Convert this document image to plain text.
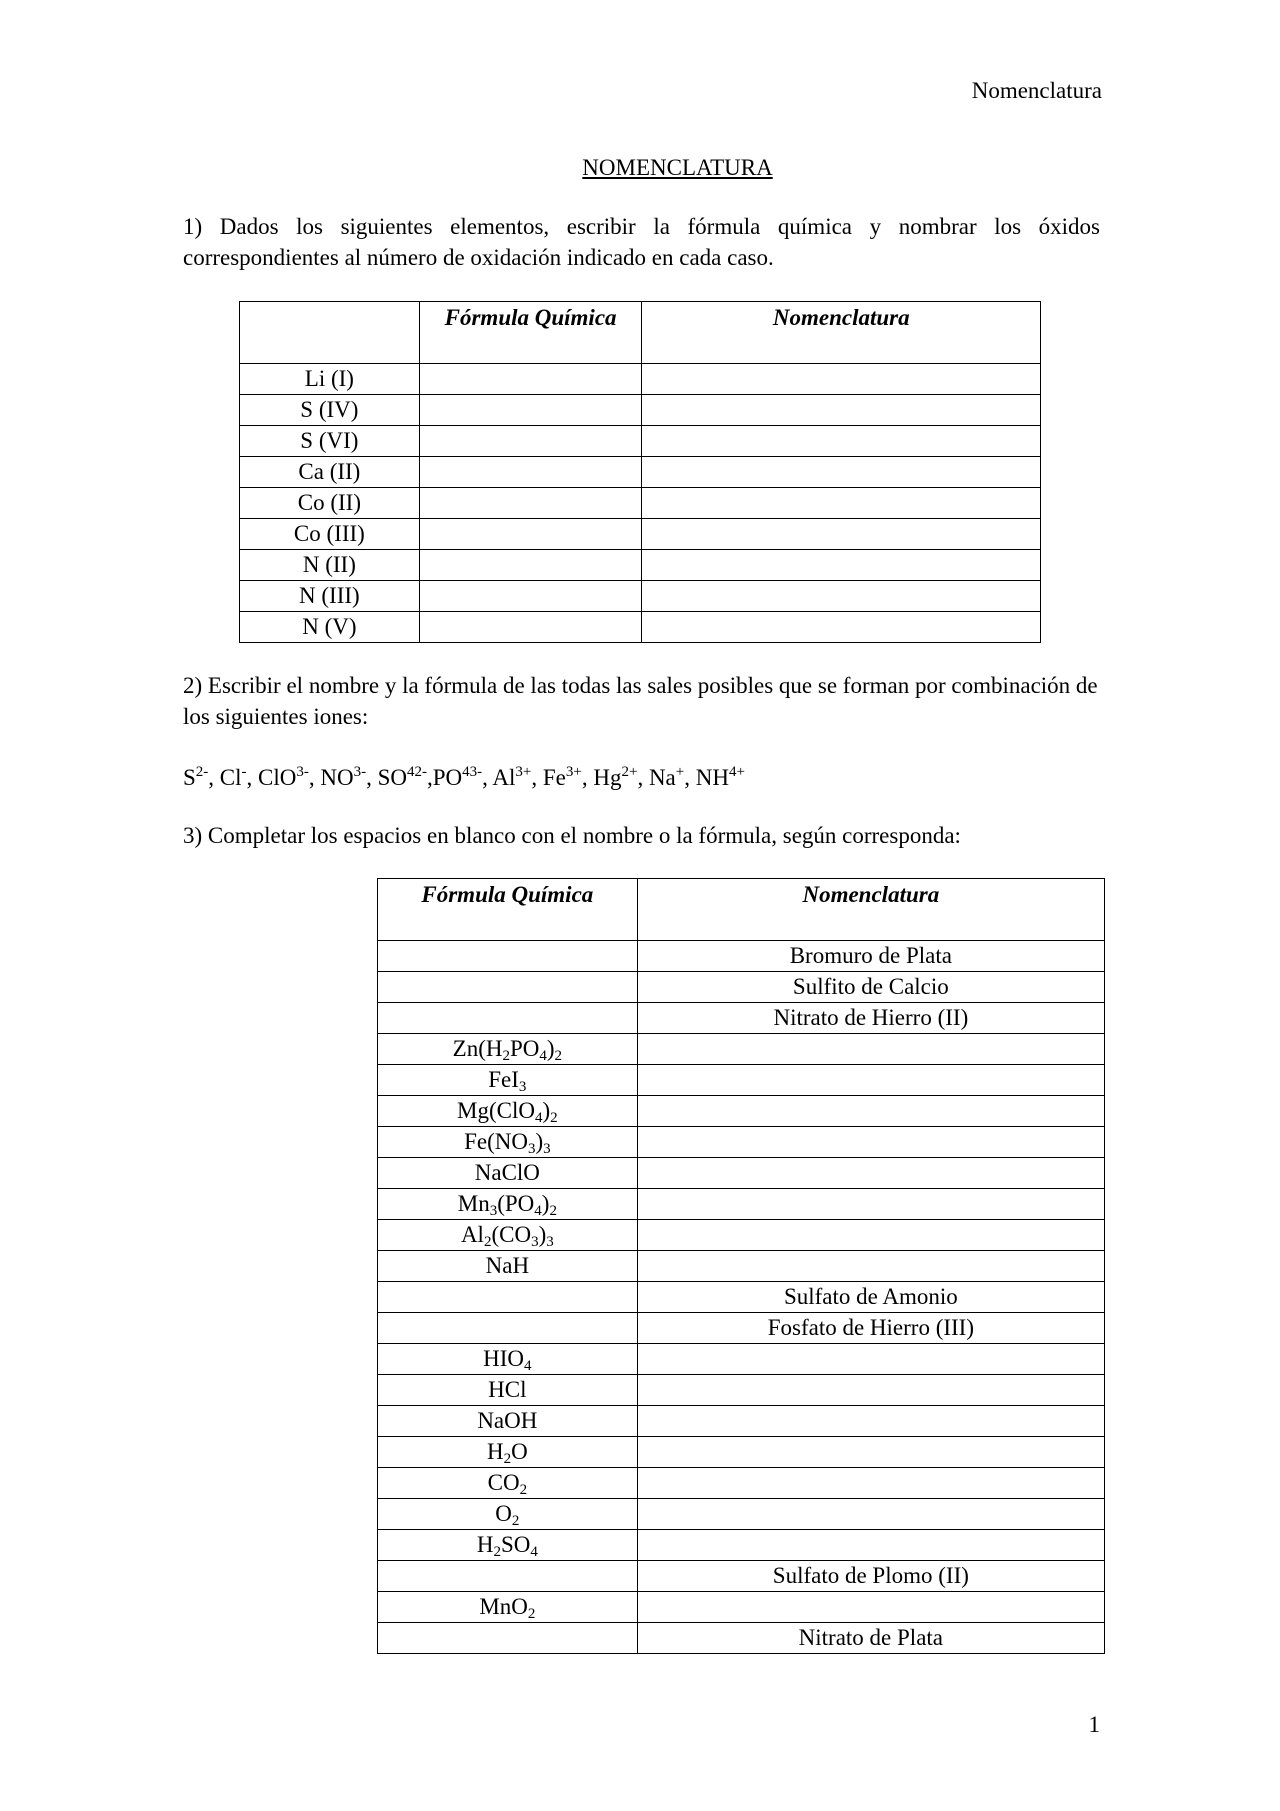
Nomenclatura
NOMENCLATURA
1) Dados los siguientes elementos, escribir la fórmula química y nombrar los óxidos correspondientes al número de oxidación indicado en cada caso.
	Fórmula Química	Nomenclatura
Li (I)		
S (IV)		
S (VI)		
Ca (II)		
Co (II)		
Co (III)		
N (II)		
N (III)		
N (V)		
2) Escribir el nombre y la fórmula de las todas las sales posibles que se forman por combinación de los siguientes iones:
$S^{2-}$, Cl-, ClO$^{3-}$, $NO^{3-}$, $SO^{42-},PO^{43-}$, $Al^{3+}$, $Fe^{3+}$, $Hg^{2+}$, Na+, $NH^{4+}$
3) Completar los espacios en blanco con el nombre o la fórmula, según corresponda:
Fórmula Química	Nomenclatura
	Bromuro de Plata
	Sulfito de Calcio
	Nitrato de Hierro (II)
$Zn(H_2PO_4)_2$	
FeI$_3$	
$Mg(ClO_4)_2$	
$Fe(NO_3)_3$	
NaClO	
$Mn_3(PO_4)_2$	
$Al_2(CO_3)_3$	
NaH	
	Sulfato de Amonio
	Fosfato de Hierro (III)
$HIO_4$	
HCl	
NaOH	
$H_2O$	
$CO_2$	
$O_2$	
$H_2SO_4$	
	Sulfato de Plomo (II)
MnO$_2$	
	Nitrato de Plata
1
